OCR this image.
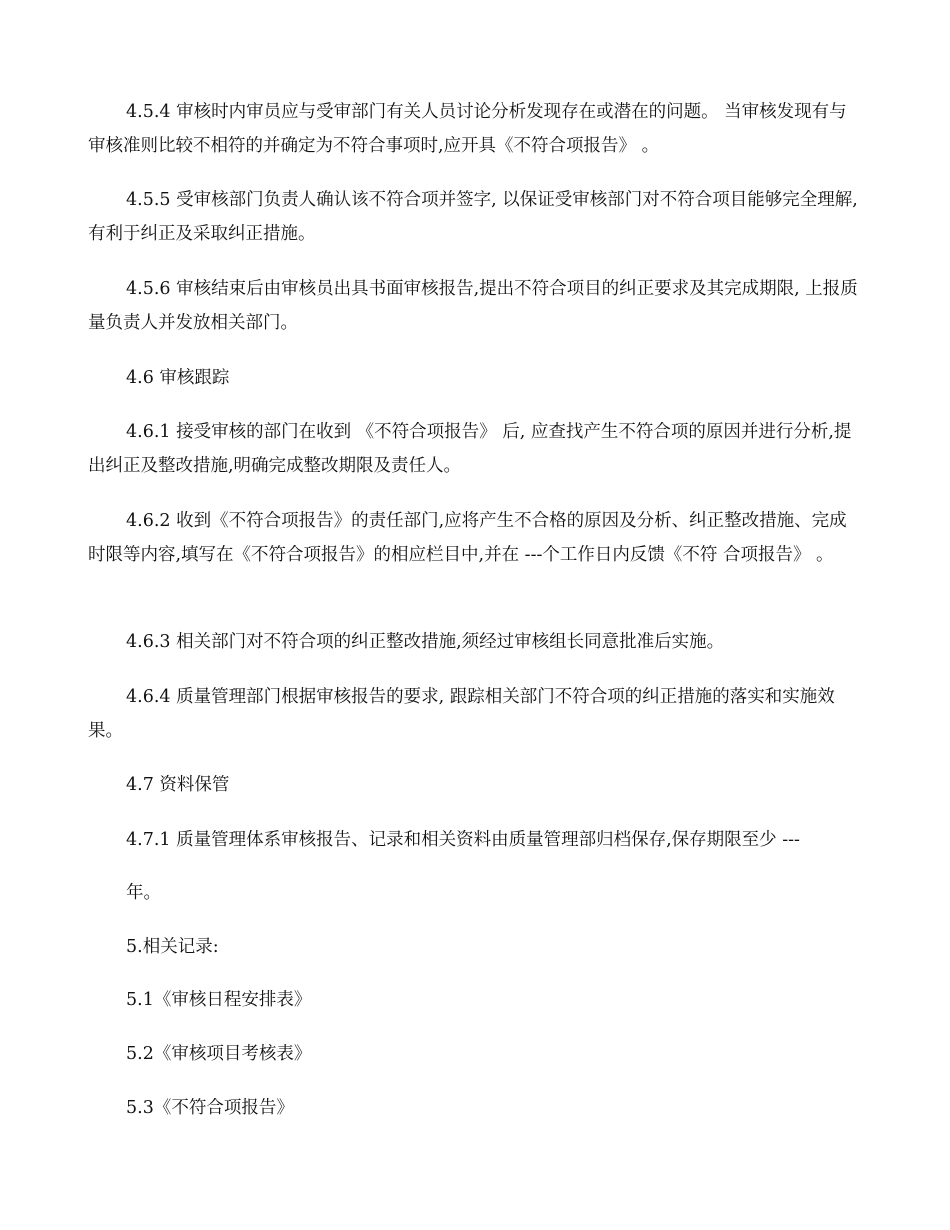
4.5.4 审核时内审员应与受审部门有关人员讨论分析发现存在或潜在的问题。 当审核发现有与审核准则比较不相符的并确定为不符合事项时,应开具《不符合项报告》 。

4.5.5 受审核部门负责人确认该不符合项并签字, 以保证受审核部门对不符合项目能够完全理解,有利于纠正及采取纠正措施。

4.5.6 审核结束后由审核员出具书面审核报告,提出不符合项目的纠正要求及其完成期限, 上报质量负责人并发放相关部门。

4.6 审核跟踪

4.6.1 接受审核的部门在收到 《不符合项报告》 后, 应查找产生不符合项的原因并进行分析,提出纠正及整改措施,明确完成整改期限及责任人。

4.6.2 收到《不符合项报告》的责任部门,应将产生不合格的原因及分析、纠正整改措施、完成时限等内容,填写在《不符合项报告》的相应栏目中,并在 ---个工作日内反馈《不符 合项报告》 。

4.6.3 相关部门对不符合项的纠正整改措施,须经过审核组长同意批准后实施。

4.6.4 质量管理部门根据审核报告的要求, 跟踪相关部门不符合项的纠正措施的落实和实施效果。

4.7 资料保管

4.7.1 质量管理体系审核报告、记录和相关资料由质量管理部归档保存,保存期限至少 ---

年。

5.相关记录:

5.1《审核日程安排表》

5.2《审核项目考核表》

5.3《不符合项报告》
